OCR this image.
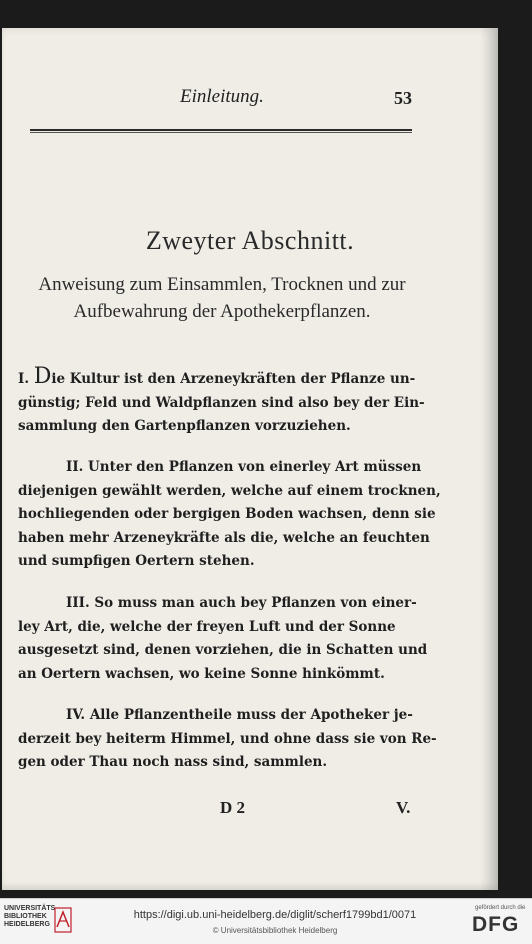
Einleitung.	53
Zweyter Abschnitt.
Anweisung zum Einsammlen, Trocknen und zur
Aufbewahrung der Apothekerpflanzen.
I. Die Kultur ist den Arzeneykräften der Pflanze un-
günstig; Feld und Waldpflanzen sind also bey der Ein-
sammlung den Gartenpflanzen vorzuziehen.
II. Unter den Pflanzen von einerley Art müssen
diejenigen gewählt werden, welche auf einem trocknen,
hochliegenden oder bergigen Boden wachsen, denn sie
haben mehr Arzeneykräfte als die, welche an feuchten
und sumpfigen Oertern stehen.
III. So muss man auch bey Pflanzen von einer-
ley Art, die, welche der freyen Luft und der Sonne
ausgesetzt sind, denen vorziehen, die in Schatten und
an Oertern wachsen, wo keine Sonne hinkömmt.
IV. Alle Pflanzentheile muss der Apotheker je-
derzeit bey heiterm Himmel, und ohne dass sie von Re-
gen oder Thau noch nass sind, sammlen.
D 2	V.
UNIVERSITÄTS-
BIBLIOTHEK
HEIDELBERG
https://digi.ub.uni-heidelberg.de/diglit/scherf1799bd1/0071
© Universitätsbibliothek Heidelberg
gefördert durch die
DFG
